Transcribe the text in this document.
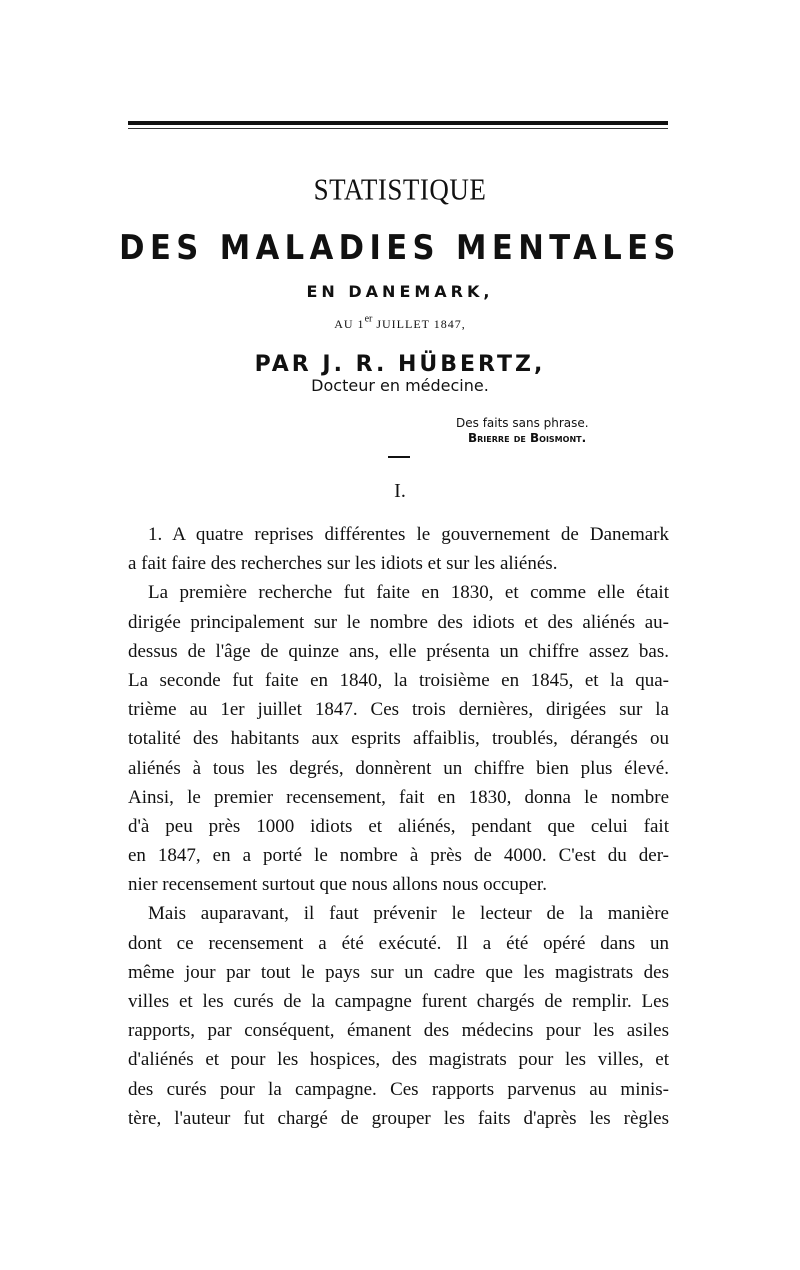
STATISTIQUE
DES MALADIES MENTALES
EN DANEMARK,
AU 1er JUILLET 1847,
PAR J. R. HÜBERTZ,
Docteur en médecine.
Des faits sans phrase.
Brierre de Boismont.
I.
1. A quatre reprises différentes le gouvernement de Danemark
a fait faire des recherches sur les idiots et sur les aliénés.
La première recherche fut faite en 1830, et comme elle était
dirigée principalement sur le nombre des idiots et des aliénés au-
dessus de l'âge de quinze ans, elle présenta un chiffre assez bas.
La seconde fut faite en 1840, la troisième en 1845, et la qua-
trième au 1er juillet 1847. Ces trois dernières, dirigées sur la
totalité des habitants aux esprits affaiblis, troublés, dérangés ou
aliénés à tous les degrés, donnèrent un chiffre bien plus élevé.
Ainsi, le premier recensement, fait en 1830, donna le nombre
d'à peu près 1000 idiots et aliénés, pendant que celui fait
en 1847, en a porté le nombre à près de 4000. C'est du der-
nier recensement surtout que nous allons nous occuper.
Mais auparavant, il faut prévenir le lecteur de la manière
dont ce recensement a été exécuté. Il a été opéré dans un
même jour par tout le pays sur un cadre que les magistrats des
villes et les curés de la campagne furent chargés de remplir. Les
rapports, par conséquent, émanent des médecins pour les asiles
d'aliénés et pour les hospices, des magistrats pour les villes, et
des curés pour la campagne. Ces rapports parvenus au minis-
tère, l'auteur fut chargé de grouper les faits d'après les règles
